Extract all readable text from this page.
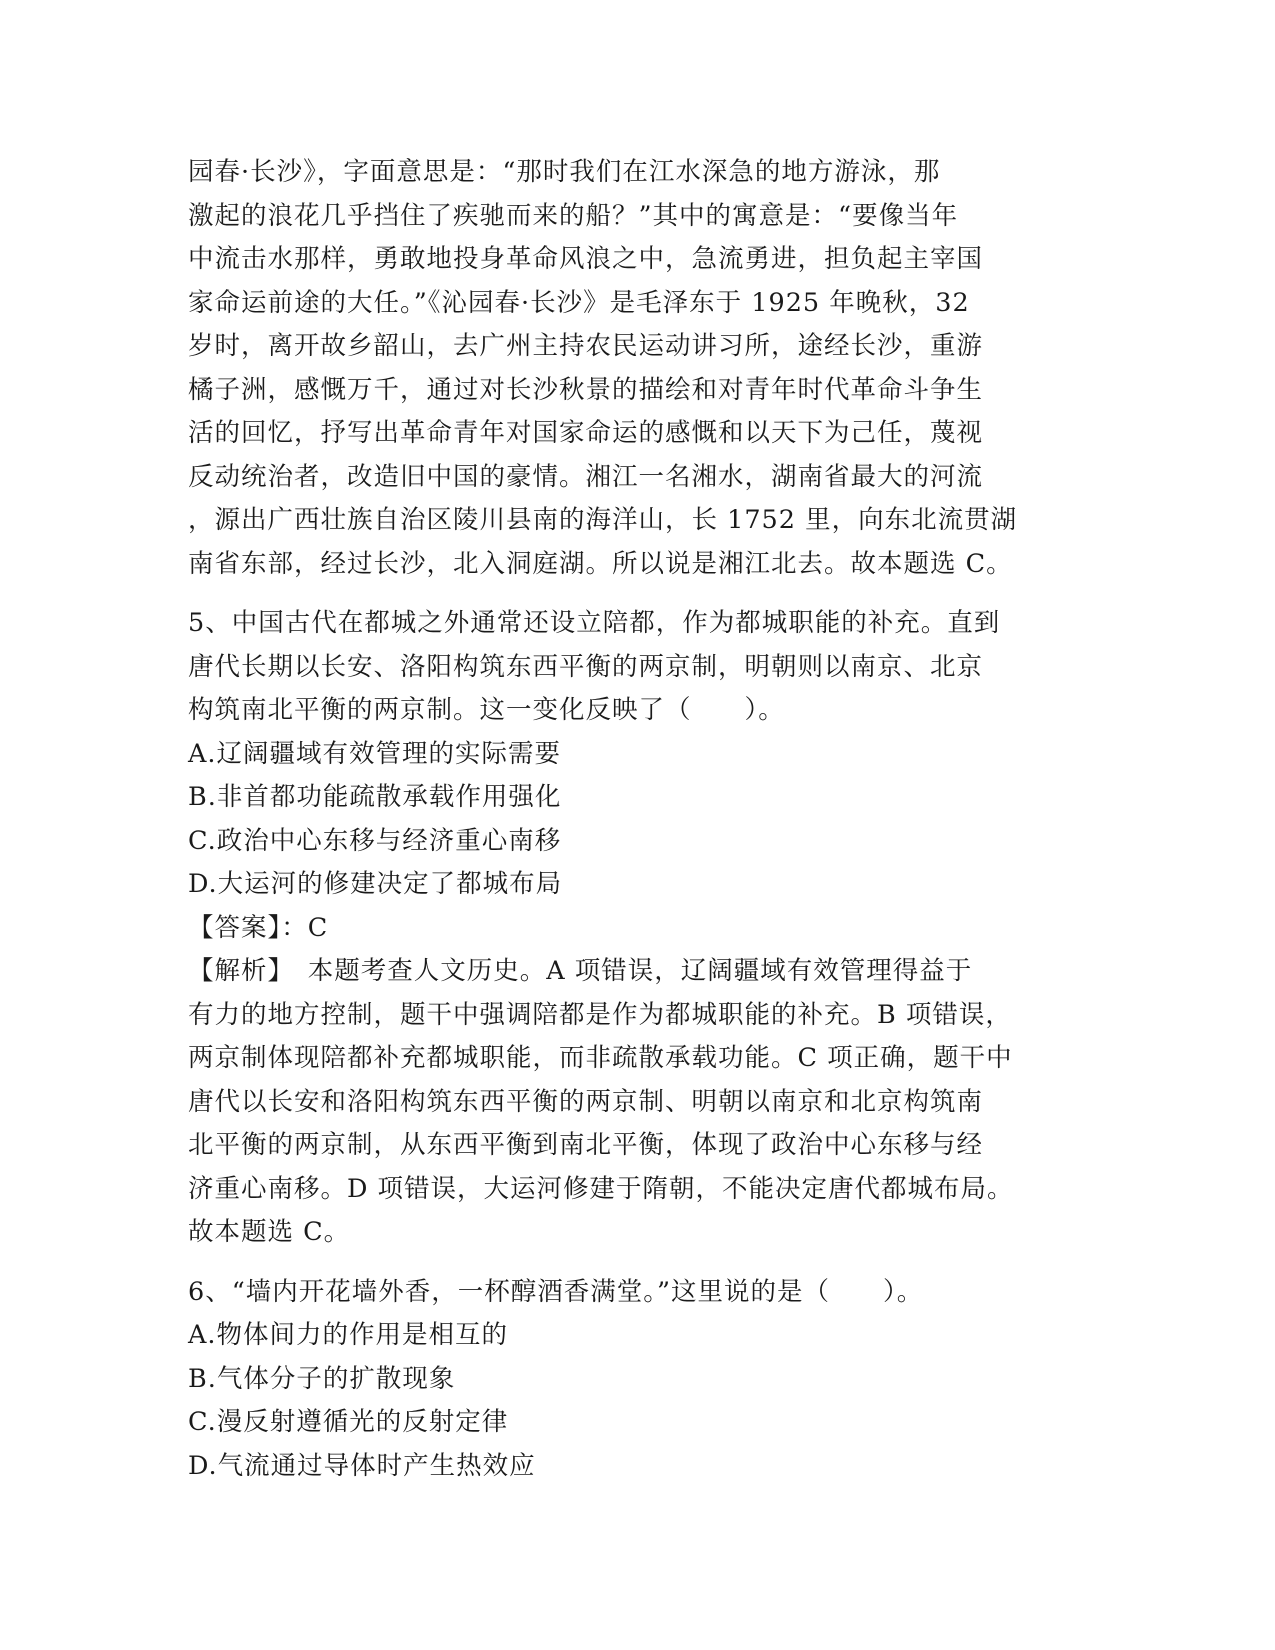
园春·长沙》，字面意思是：“那时我们在江水深急的地方游泳，那
激起的浪花几乎挡住了疾驰而来的船？”其中的寓意是：“要像当年
中流击水那样，勇敢地投身革命风浪之中，急流勇进，担负起主宰国
家命运前途的大任。”《沁园春·长沙》是毛泽东于 1925 年晚秋，32
岁时，离开故乡韶山，去广州主持农民运动讲习所，途经长沙，重游
橘子洲，感慨万千，通过对长沙秋景的描绘和对青年时代革命斗争生
活的回忆，抒写出革命青年对国家命运的感慨和以天下为己任，蔑视
反动统治者，改造旧中国的豪情。湘江一名湘水，湖南省最大的河流
，源出广西壮族自治区陵川县南的海洋山，长 1752 里，向东北流贯湖
南省东部，经过长沙，北入洞庭湖。所以说是湘江北去。故本题选 C。
5、中国古代在都城之外通常还设立陪都，作为都城职能的补充。直到
唐代长期以长安、洛阳构筑东西平衡的两京制，明朝则以南京、北京
构筑南北平衡的两京制。这一变化反映了（　　）。
A.辽阔疆域有效管理的实际需要
B.非首都功能疏散承载作用强化
C.政治中心东移与经济重心南移
D.大运河的修建决定了都城布局
【答案】：C
【解析】　本题考查人文历史。A 项错误，辽阔疆域有效管理得益于
有力的地方控制，题干中强调陪都是作为都城职能的补充。B 项错误，
两京制体现陪都补充都城职能，而非疏散承载功能。C 项正确，题干中
唐代以长安和洛阳构筑东西平衡的两京制、明朝以南京和北京构筑南
北平衡的两京制，从东西平衡到南北平衡，体现了政治中心东移与经
济重心南移。D 项错误，大运河修建于隋朝，不能决定唐代都城布局。
故本题选 C。
6、“墙内开花墙外香，一杯醇酒香满堂。”这里说的是（　　）。
A.物体间力的作用是相互的
B.气体分子的扩散现象
C.漫反射遵循光的反射定律
D.气流通过导体时产生热效应
